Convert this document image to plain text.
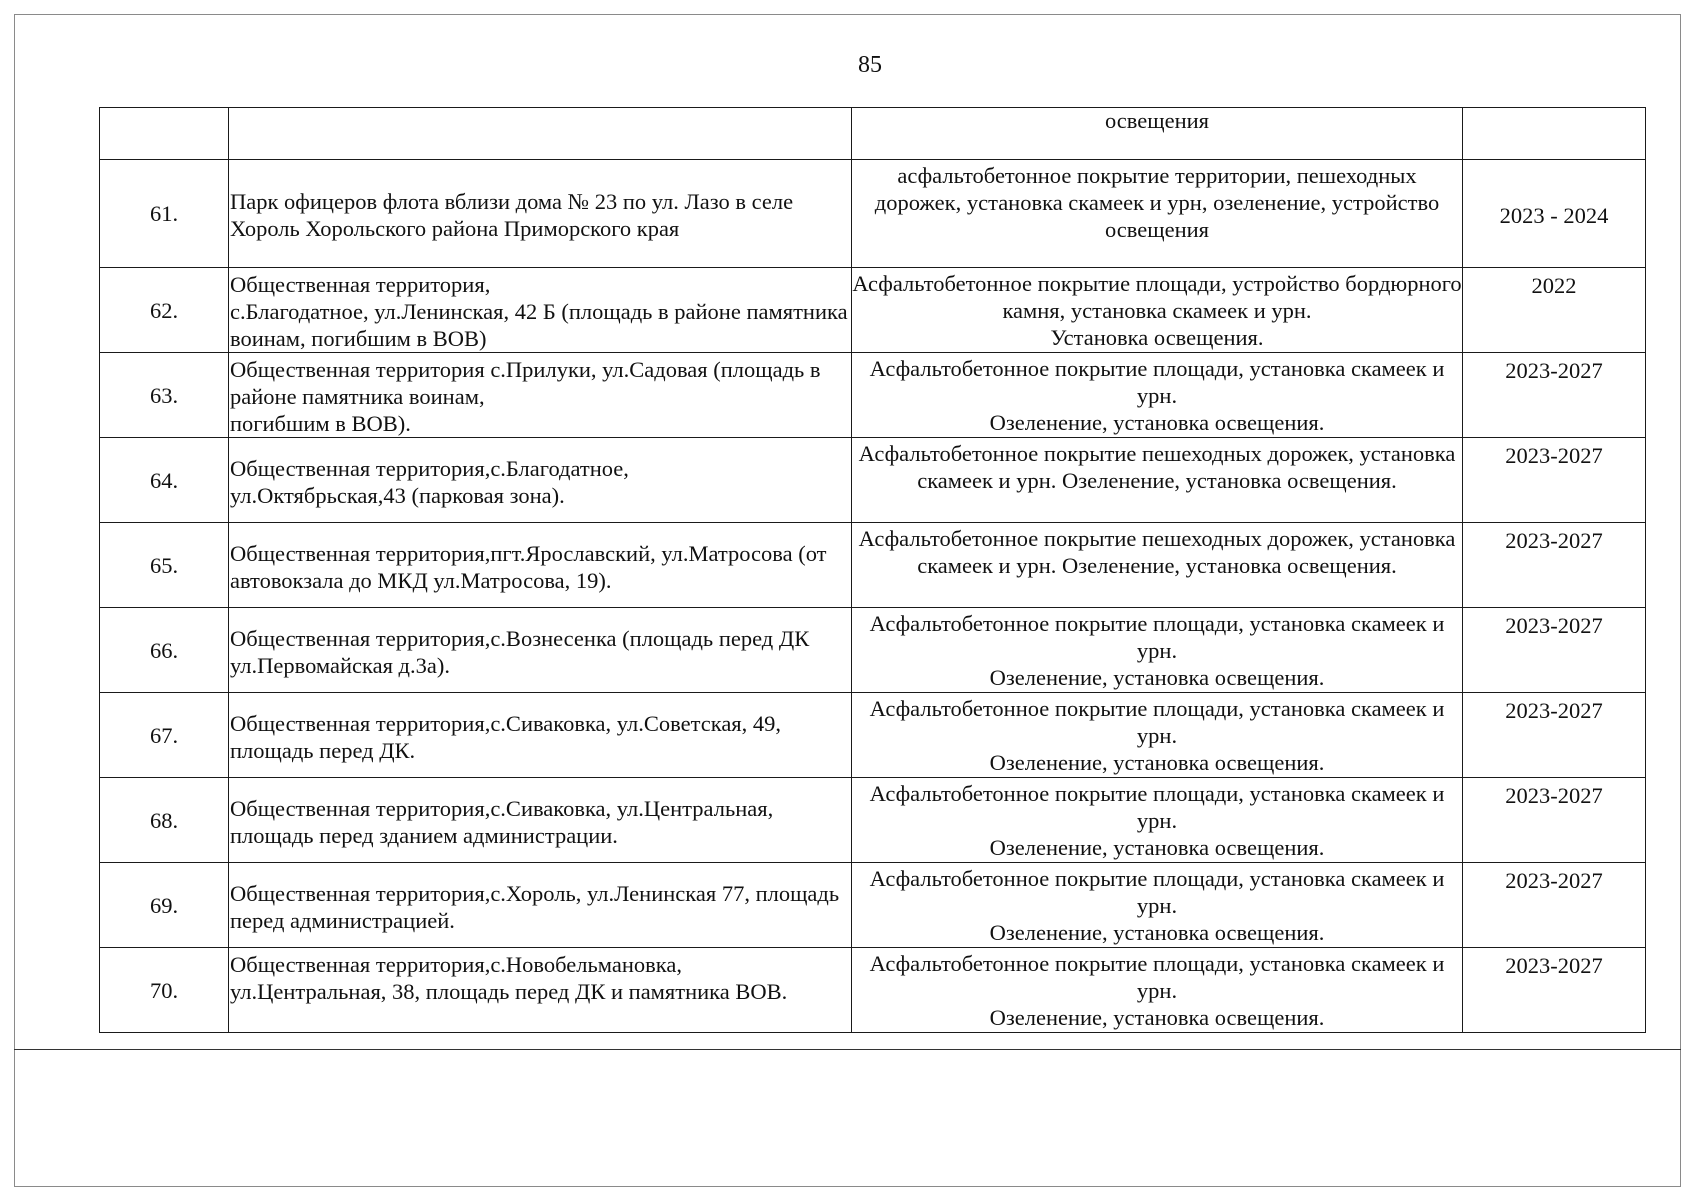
85

		освещения	

61.	Парк офицеров флота вблизи дома № 23 по ул. Лазо в селе Хороль Хорольского района Приморского края	асфальтобетонное покрытие территории, пешеходных дорожек, установка скамеек и урн, озеленение, устройство освещения	2023 - 2024

62.	Общественная территория,
с.Благодатное, ул.Ленинская, 42 Б (площадь в районе памятника воинам, погибшим в ВОВ)	Асфальтобетонное покрытие площади, устройство бордюрного камня, установка скамеек и урн.
Установка освещения.	2022

63.	Общественная территория с.Прилуки, ул.Садовая (площадь в районе памятника воинам,
погибшим в ВОВ).	Асфальтобетонное покрытие площади, установка скамеек и урн.
Озеленение, установка освещения.	2023-2027

64.	Общественная территория,с.Благодатное,
ул.Октябрьская,43 (парковая зона).	Асфальтобетонное покрытие пешеходных дорожек, установка скамеек и урн. Озеленение, установка освещения.	2023-2027

65.	Общественная территория,пгт.Ярославский, ул.Матросова (от автовокзала до МКД ул.Матросова, 19).	Асфальтобетонное покрытие пешеходных дорожек, установка скамеек и урн. Озеленение, установка освещения.	2023-2027

66.	Общественная территория,с.Вознесенка (площадь перед ДК ул.Первомайская д.3а).	Асфальтобетонное покрытие площади, установка скамеек и урн.
Озеленение, установка освещения.	2023-2027

67.	Общественная территория,с.Сиваковка, ул.Советская, 49, площадь перед ДК.	Асфальтобетонное покрытие площади, установка скамеек и урн.
Озеленение, установка освещения.	2023-2027

68.	Общественная территория,с.Сиваковка, ул.Центральная, площадь перед зданием администрации.	Асфальтобетонное покрытие площади, установка скамеек и урн.
Озеленение, установка освещения.	2023-2027

69.	Общественная территория,с.Хороль, ул.Ленинская 77, площадь перед администрацией.	Асфальтобетонное покрытие площади, установка скамеек и урн.
Озеленение, установка освещения.	2023-2027

70.	Общественная территория,с.Новобельмановка,
ул.Центральная, 38, площадь перед ДК и памятника ВОВ.	Асфальтобетонное покрытие площади, установка скамеек и урн.
Озеленение, установка освещения.	2023-2027
